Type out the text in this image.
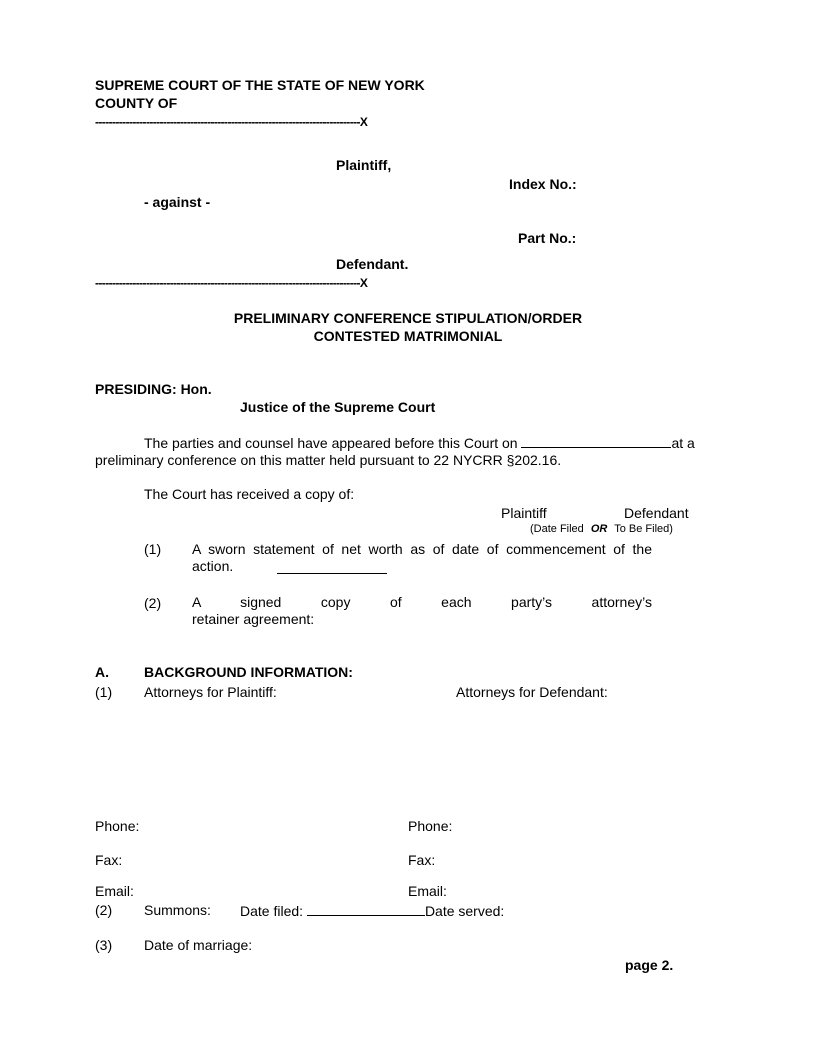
SUPREME COURT OF THE STATE OF NEW YORK
COUNTY OF
------------------------------------------------------------------------------X
Plaintiff,
Index No.:
- against -
Part No.:
Defendant.
------------------------------------------------------------------------------X
PRELIMINARY CONFERENCE STIPULATION/ORDER
CONTESTED MATRIMONIAL
PRESIDING: Hon.
Justice of the Supreme Court
The parties and counsel have appeared before this Court on	at a
preliminary conference on this matter held pursuant to 22 NYCRR §202.16.
The Court has received a copy of:
Plaintiff	Defendant
(Date Filed OR To Be Filed)
(1) A sworn statement of net worth as of date of commencement of the
action.
(2) A signed copy of each party’s attorney’s
retainer agreement:
A.	BACKGROUND INFORMATION:
(1) Attorneys for Plaintiff:	Attorneys for Defendant:
Phone:	Phone:
Fax:	Fax:
Email:	Email:
(2) Summons: Date filed:	Date served:
(3) Date of marriage:
page 2.
